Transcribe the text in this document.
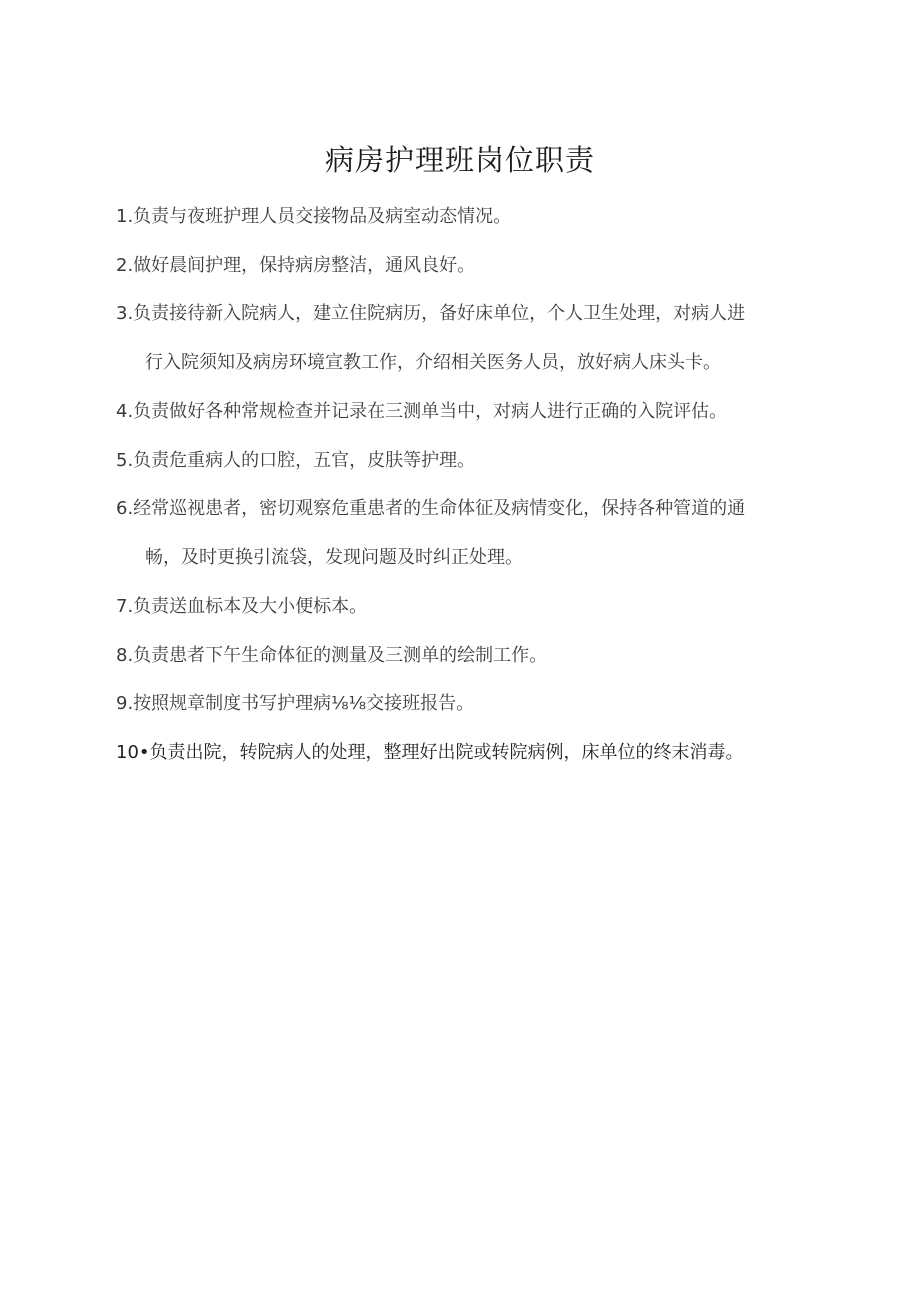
病房护理班岗位职责
1.负责与夜班护理人员交接物品及病室动态情况。
2.做好晨间护理，保持病房整洁，通风良好。
3.负责接待新入院病人，建立住院病历，备好床单位，个人卫生处理，对病人进
行入院须知及病房环境宣教工作，介绍相关医务人员，放好病人床头卡。
4.负责做好各种常规检查并记录在三测单当中，对病人进行正确的入院评估。
5.负责危重病人的口腔，五官，皮肤等护理。
6.经常巡视患者，密切观察危重患者的生命体征及病情变化，保持各种管道的通
畅，及时更换引流袋，发现问题及时纠正处理。
7.负责送血标本及大小便标本。
8.负责患者下午生命体征的测量及三测单的绘制工作。
9.按照规章制度书写护理病⅛⅛交接班报告。
10•负责出院，转院病人的处理，整理好出院或转院病例，床单位的终末消毒。
